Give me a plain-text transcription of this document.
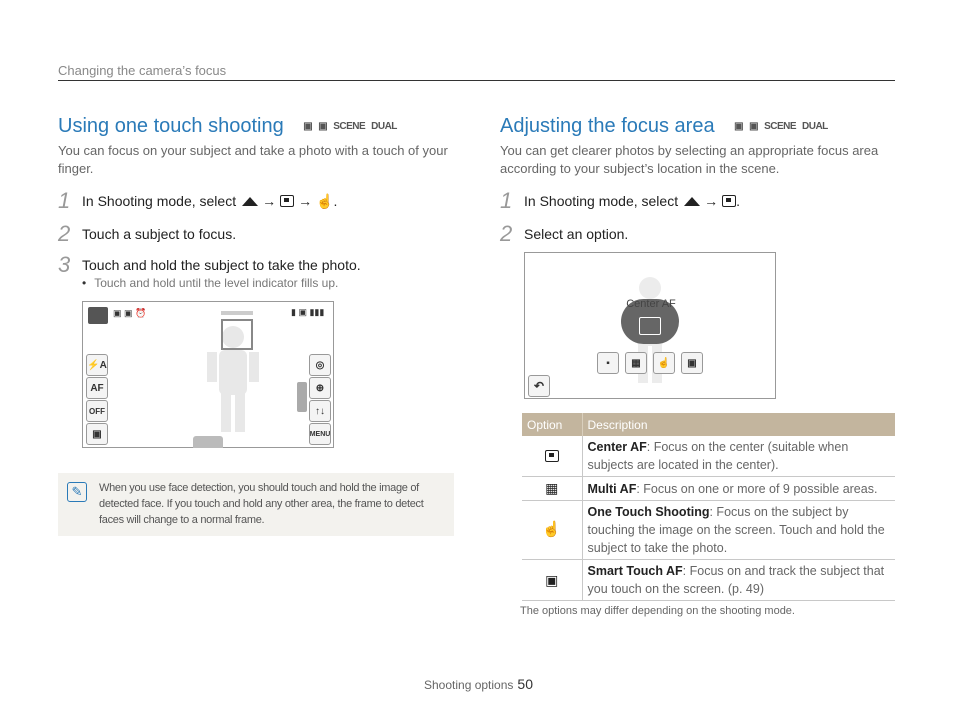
Changing the camera’s focus
Using one touch shooting ▣ ▣ SCENE DUAL
You can focus on your subject and take a photo with a touch of your finger.
1 In Shooting mode, select → → ☝ .
2 Touch a subject to focus.
3 Touch and hold the subject to take the photo.
• Touch and hold until the level indicator fills up.
▣ ▣ ⏰	▮ ▣ ▮▮▮
⚡A
AF
OFF
▣
◎
⊕
↑↓
MENU
✎	When you use face detection, you should touch and hold the image of detected face. If you touch and hold any other area, the frame to detect faces will change to a normal frame.
Adjusting the focus area ▣ ▣ SCENE DUAL
You can get clearer photos by selecting an appropriate focus area according to your subject’s location in the scene.
1 In Shooting mode, select → .
2 Select an option.
Center AF
▪	▦	☝	▣
↶
Option	Description
	Center AF: Focus on the center (suitable when subjects are located in the center).
▦	Multi AF: Focus on one or more of 9 possible areas.
☝	One Touch Shooting: Focus on the subject by touching the image on the screen. Touch and hold the subject to take the photo.
▣	Smart Touch AF: Focus on and track the subject that you touch on the screen. (p. 49)
The options may differ depending on the shooting mode.
Shooting options 50
